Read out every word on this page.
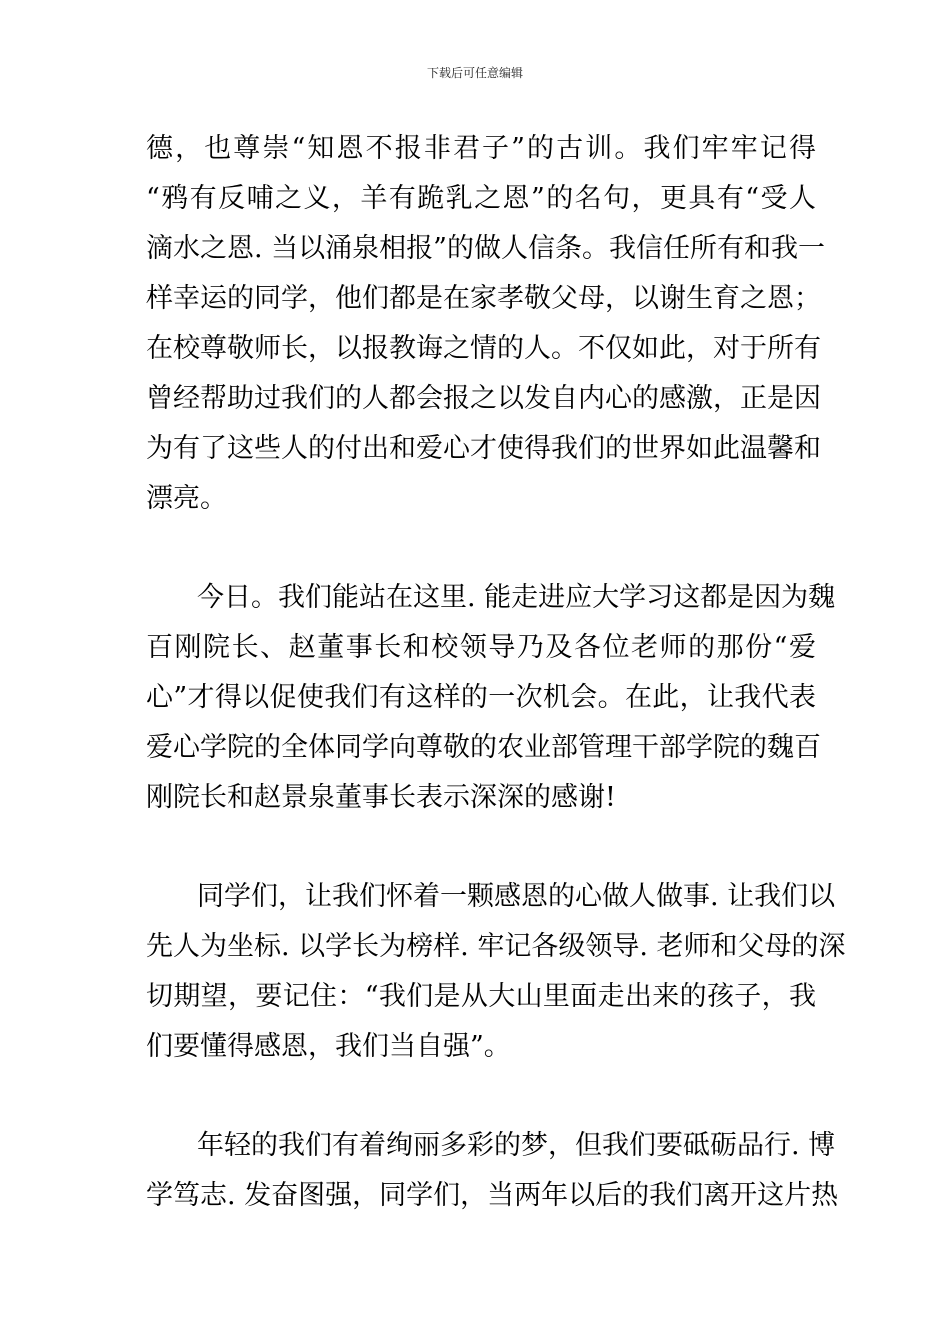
下载后可任意编辑
德，也尊崇“知恩不报非君子”的古训。我们牢牢记得
“鸦有反哺之义，羊有跪乳之恩”的名句，更具有“受人
滴水之恩. 当以涌泉相报”的做人信条。我信任所有和我一
样幸运的同学，他们都是在家孝敬父母，以谢生育之恩；
在校尊敬师长，以报教诲之情的人。不仅如此，对于所有
曾经帮助过我们的人都会报之以发自内心的感激，正是因
为有了这些人的付出和爱心才使得我们的世界如此温馨和
漂亮。
今日。我们能站在这里. 能走进应大学习这都是因为魏
百刚院长、赵董事长和校领导乃及各位老师的那份“爱
心”才得以促使我们有这样的一次机会。在此，让我代表
爱心学院的全体同学向尊敬的农业部管理干部学院的魏百
刚院长和赵景泉董事长表示深深的感谢!
同学们，让我们怀着一颗感恩的心做人做事. 让我们以
先人为坐标. 以学长为榜样. 牢记各级领导. 老师和父母的深
切期望，要记住：“我们是从大山里面走出来的孩子，我
们要懂得感恩，我们当自强”。
年轻的我们有着绚丽多彩的梦，但我们要砥砺品行. 博
学笃志. 发奋图强，同学们，当两年以后的我们离开这片热
